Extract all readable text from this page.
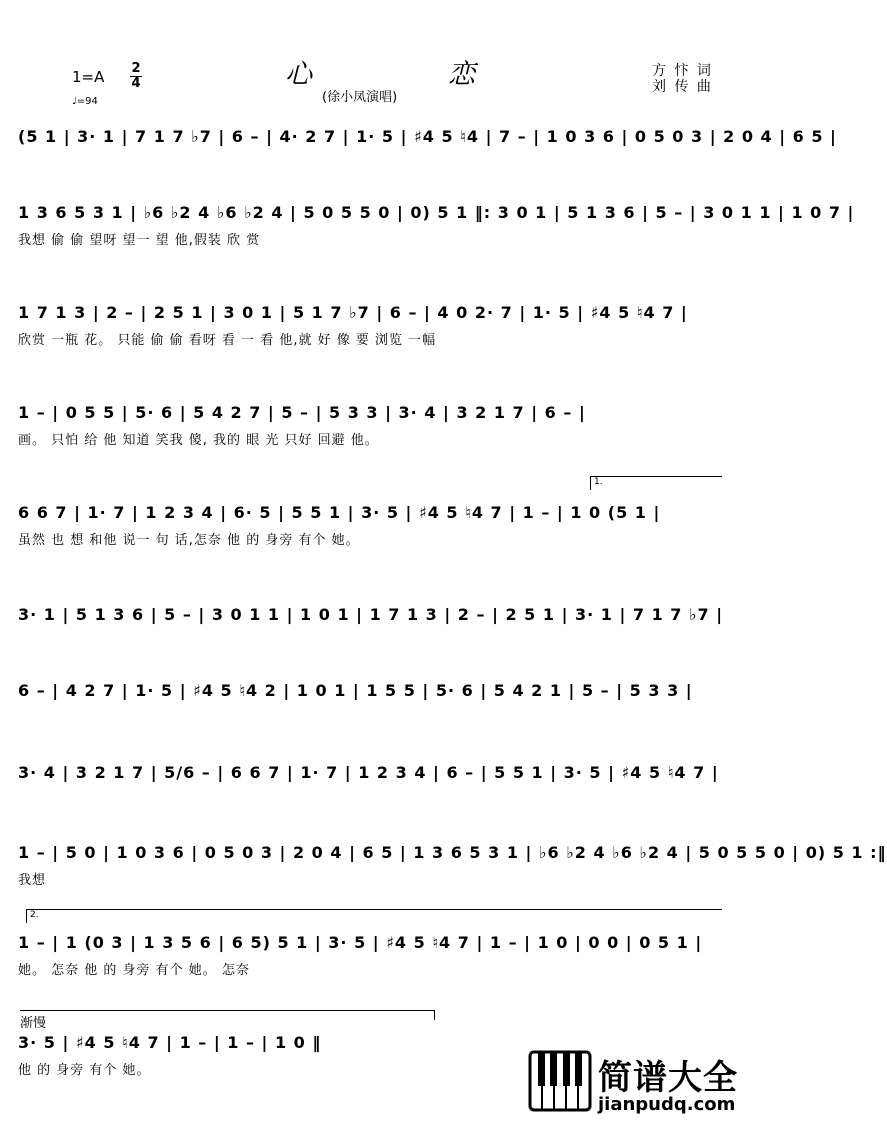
1=A 2
4
♩=94
心	恋
(徐小凤演唱)
方 忭 词
刘 传 曲
(5 1 | 3· 1 | 7 1 7 ♭7 | 6 – | 4· 2 7 | 1· 5 | ♯4 5 ♮4 | 7 – | 1 0 3 6 | 0 5 0 3 | 2 0 4 | 6 5 |
1 3 6 5 3 1 | ♭6 ♭2 4 ♭6 ♭2 4 | 5 0 5 5 0 | 0) 5 1 ‖: 3 0 1 | 5 1 3 6 | 5 – | 3 0 1 1 | 1 0 7 |
我想 偷 偷 望呀 望一 望 他,假装 欣 赏
1 7 1 3 | 2 – | 2 5 1 | 3 0 1 | 5 1 7 ♭7 | 6 – | 4 0 2· 7 | 1· 5 | ♯4 5 ♮4 7 |
欣赏 一瓶 花。 只能 偷 偷 看呀 看 一 看 他,就 好 像 要 浏览 一幅
1 – | 0 5 5 | 5· 6 | 5 4 2 7 | 5 – | 5 3 3 | 3· 4 | 3 2 1 7 | 6 – |
画。 只怕 给 他 知道 笑我 傻, 我的 眼 光 只好 回避 他。
1.
6 6 7 | 1· 7 | 1 2 3 4 | 6· 5 | 5 5 1 | 3· 5 | ♯4 5 ♮4 7 | 1 – | 1 0 (5 1 |
虽然 也 想 和他 说一 句 话,怎奈 他 的 身旁 有个 她。
3· 1 | 5 1 3 6 | 5 – | 3 0 1 1 | 1 0 1 | 1 7 1 3 | 2 – | 2 5 1 | 3· 1 | 7 1 7 ♭7 |
6 – | 4 2 7 | 1· 5 | ♯4 5 ♮4 2 | 1 0 1 | 1 5 5 | 5· 6 | 5 4 2 1 | 5 – | 5 3 3 |
3· 4 | 3 2 1 7 | 5/6 – | 6 6 7 | 1· 7 | 1 2 3 4 | 6 – | 5 5 1 | 3· 5 | ♯4 5 ♮4 7 |
1 – | 5 0 | 1 0 3 6 | 0 5 0 3 | 2 0 4 | 6 5 | 1 3 6 5 3 1 | ♭6 ♭2 4 ♭6 ♭2 4 | 5 0 5 5 0 | 0) 5 1 :‖
我想
2.
1 – | 1 (0 3 | 1 3 5 6 | 6 5) 5 1 | 3· 5 | ♯4 5 ♮4 7 | 1 – | 1 0 | 0 0 | 0 5 1 |
她。 怎奈 他 的 身旁 有个 她。 怎奈
渐慢
3· 5 | ♯4 5 ♮4 7 | 1 – | 1 – | 1 0 ‖
他 的 身旁 有个 她。	简谱大全
jianpudq.com
